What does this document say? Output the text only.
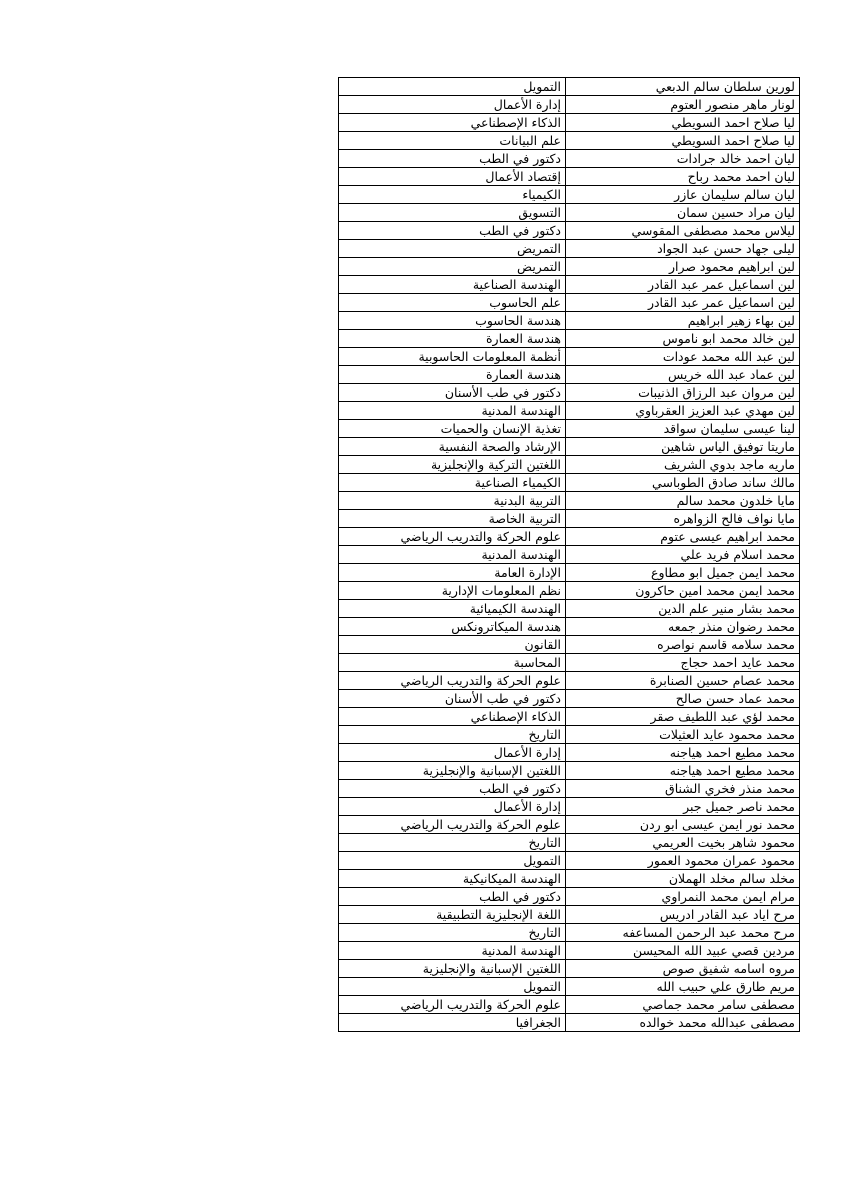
لورين سلطان سالم الدبعي	التمويل
لونار ماهر منصور العتوم	إدارة الأعمال
ليا صلاح احمد السويطي	الذكاء الإصطناعي
ليا صلاح احمد السويطي	علم البيانات
ليان احمد خالد جرادات	دكتور في الطب
ليان احمد محمد رباح	إقتصاد الأعمال
ليان سالم سليمان عازر	الكيمياء
ليان مراد حسين سمان	التسويق
ليلاس محمد مصطفى المقوسي	دكتور في الطب
ليلى جهاد حسن عبد الجواد	التمريض
لين ابراهيم محمود صرار	التمريض
لين اسماعيل عمر عبد القادر	الهندسة الصناعية
لين اسماعيل عمر عبد القادر	علم الحاسوب
لين بهاء زهير ابراهيم	هندسة الحاسوب
لين خالد محمد ابو ناموس	هندسة العمارة
لين عبد الله محمد عودات	أنظمة المعلومات الحاسوبية
لين عماد عبد الله خريس	هندسة العمارة
لين مروان عبد الرزاق الذنيبات	دكتور في طب الأسنان
لين مهدي عبد العزيز العقرباوي	الهندسة المدنية
لينا عيسى سليمان سواقد	تغذية الإنسان والحميات
ماريتا توفيق الياس شاهين	الإرشاد والصحة النفسية
ماريه ماجد بدوي الشريف	اللغتين التركية والإنجليزية
مالك ساند صادق الطوباسي	الكيمياء الصناعية
مايا خلدون محمد سالم	التربية البدنية
مايا نواف فالح الزواهره	التربية الخاصة
محمد ابراهيم عيسى عتوم	علوم الحركة والتدريب الرياضي
محمد اسلام فريد علي	الهندسة المدنية
محمد ايمن جميل ابو مطاوع	الإدارة العامة
محمد ايمن محمد امين حاكرون	نظم المعلومات الإدارية
محمد بشار منير علم الدين	الهندسة الكيميائية
محمد رضوان منذر جمعه	هندسة الميكاترونكس
محمد سلامه قاسم نواصره	القانون
محمد عايد احمد حجاج	المحاسبة
محمد عصام حسين الصنابرة	علوم الحركة والتدريب الرياضي
محمد عماد حسن صالح	دكتور في طب الأسنان
محمد لؤي عبد اللطيف صقر	الذكاء الإصطناعي
محمد محمود عايد العثيلات	التاريخ
محمد مطيع احمد هياجنه	إدارة الأعمال
محمد مطيع احمد هياجنه	اللغتين الإسبانية والإنجليزية
محمد منذر فخري الشناق	دكتور في الطب
محمد ناصر جميل جبر	إدارة الأعمال
محمد نور ايمن عيسى ابو ردن	علوم الحركة والتدريب الرياضي
محمود شاهر بخيت العريمي	التاريخ
محمود عمران محمود العمور	التمويل
مخلد سالم مخلد الهملان	الهندسة الميكانيكية
مرام ايمن محمد النمراوي	دكتور في الطب
مرح اياد عبد القادر ادريس	اللغة الإنجليزية التطبيقية
مرح محمد عبد الرحمن المساعفه	التاريخ
مردين قصي عبيد الله المحيسن	الهندسة المدنية
مروه اسامه شفيق صوص	اللغتين الإسبانية والإنجليزية
مريم طارق علي حبيب الله	التمويل
مصطفى سامر محمد جماصي	علوم الحركة والتدريب الرياضي
مصطفى عبدالله محمد خوالده	الجغرافيا
